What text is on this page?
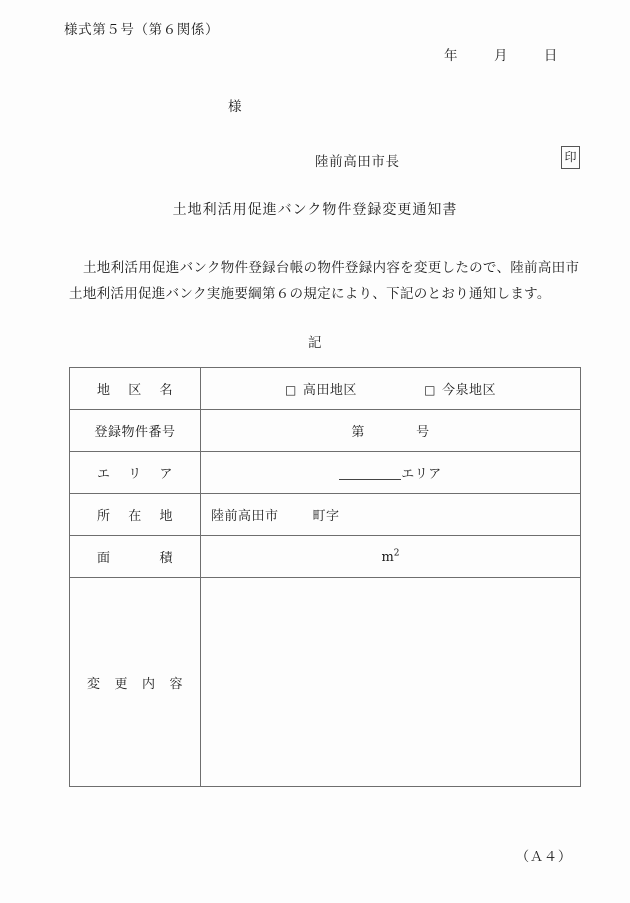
様式第５号（第６関係）
年	月	日
様
陸前高田市長	印
土地利活用促進バンク物件登録変更通知書
土地利活用促進バンク物件登録台帳の物件登録内容を変更したので、陸前高田市土地利活用促進バンク実施要綱第６の規定により、下記のとおり通知します。
記
地 区 名	□ 高田地区 □ 今泉地区
登録物件番号	第 号

エ リ ア	エリア

所 在 地	陸前高田市 町字

面 積	$m^2$

変 更 内 容	

（Ａ４）
